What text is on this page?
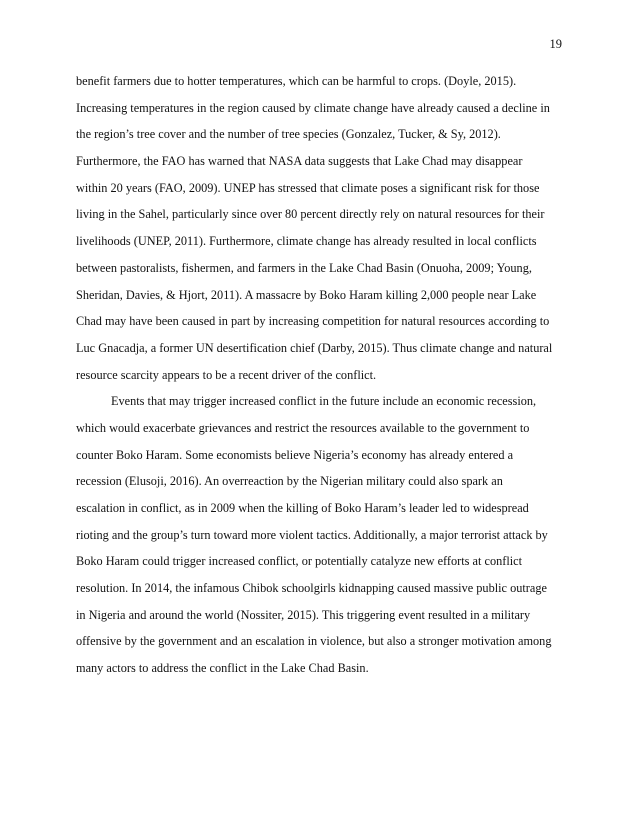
19
benefit farmers due to hotter temperatures, which can be harmful to crops. (Doyle, 2015).
Increasing temperatures in the region caused by climate change have already caused a decline in
the region’s tree cover and the number of tree species (Gonzalez, Tucker, & Sy, 2012).
Furthermore, the FAO has warned that NASA data suggests that Lake Chad may disappear
within 20 years (FAO, 2009). UNEP has stressed that climate poses a significant risk for those
living in the Sahel, particularly since over 80 percent directly rely on natural resources for their
livelihoods (UNEP, 2011). Furthermore, climate change has already resulted in local conflicts
between pastoralists, fishermen, and farmers in the Lake Chad Basin (Onuoha, 2009; Young,
Sheridan, Davies, & Hjort, 2011). A massacre by Boko Haram killing 2,000 people near Lake
Chad may have been caused in part by increasing competition for natural resources according to
Luc Gnacadja, a former UN desertification chief (Darby, 2015). Thus climate change and natural
resource scarcity appears to be a recent driver of the conflict.
Events that may trigger increased conflict in the future include an economic recession,
which would exacerbate grievances and restrict the resources available to the government to
counter Boko Haram. Some economists believe Nigeria’s economy has already entered a
recession (Elusoji, 2016). An overreaction by the Nigerian military could also spark an
escalation in conflict, as in 2009 when the killing of Boko Haram’s leader led to widespread
rioting and the group’s turn toward more violent tactics. Additionally, a major terrorist attack by
Boko Haram could trigger increased conflict, or potentially catalyze new efforts at conflict
resolution. In 2014, the infamous Chibok schoolgirls kidnapping caused massive public outrage
in Nigeria and around the world (Nossiter, 2015). This triggering event resulted in a military
offensive by the government and an escalation in violence, but also a stronger motivation among
many actors to address the conflict in the Lake Chad Basin.
